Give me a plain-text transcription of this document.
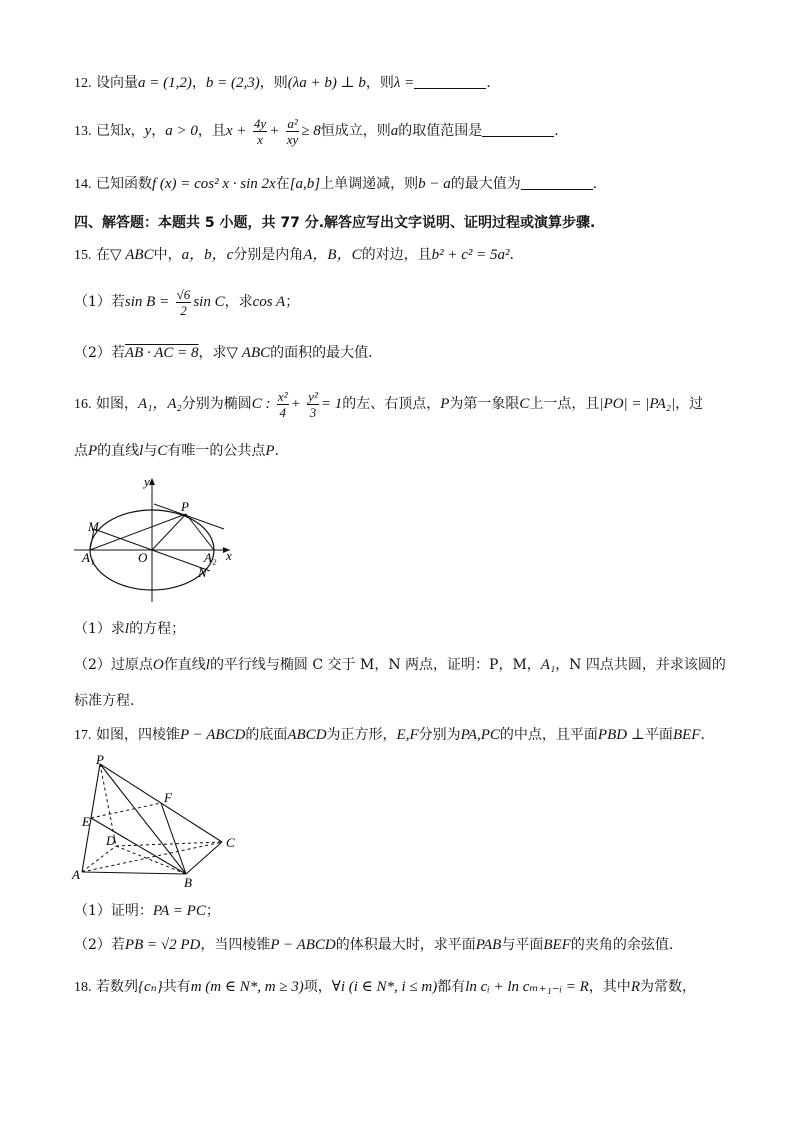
12. 设向量a = (1,2)，b = (2,3)，则(λa + b) ⊥ b，则λ =	.
13. 已知x，y，a > 0，且$x + \frac{4y}{x} + \frac{\text{a²}}{xy} \ge 8$恒成立，则a的取值范围是	.
14. 已知函数f (x) = cos² x · sin 2x在[a,b]上单调递减，则b − a的最大值为	.
四、解答题：本题共 5 小题，共 77 分.解答应写出文字说明、证明过程或演算步骤.
15. 在▽ ABC中，a，b，c分别是内角A，B，C的对边，且b² + c² = 5a².
（1）若$\sin B = \frac{√6}{2}$ sin C，求cos A；
（2）若AB · AC = 8，求▽ ABC的面积的最大值.
16. 如图，A₁，A₂分别为椭圆C : $\frac{\text{x²}}{4} + \frac{\text{y²}}{3} = 1$的左、右顶点，P为第一象限C上一点，且|PO| = |PA₂|，过
点P的直线l与C有唯一的公共点P.
y
P
M
A₁	O	A₂ x
N
（1）求l的方程；
（2）过原点O作直线l的平行线与椭圆 C 交于 M，N 两点，证明：P，M，A₁，N 四点共圆，并求该圆的
标准方程.
17. 如图，四棱锥P − ABCD的底面ABCD为正方形，E,F分别为PA,PC的中点，且平面PBD ⊥平面BEF.
P
F
E
D	C
A
B
（1）证明：PA = PC；
（2）若PB = √2 PD，当四棱锥P − ABCD的体积最大时，求平面PAB与平面BEF的夹角的余弦值.
18. 若数列{cₙ}共有m (m ∈ N*, m ≥ 3)项，∀i (i ∈ N*, i ≤ m)都有ln cᵢ + ln cₘ₊₁₋ᵢ = R，其中R为常数，
